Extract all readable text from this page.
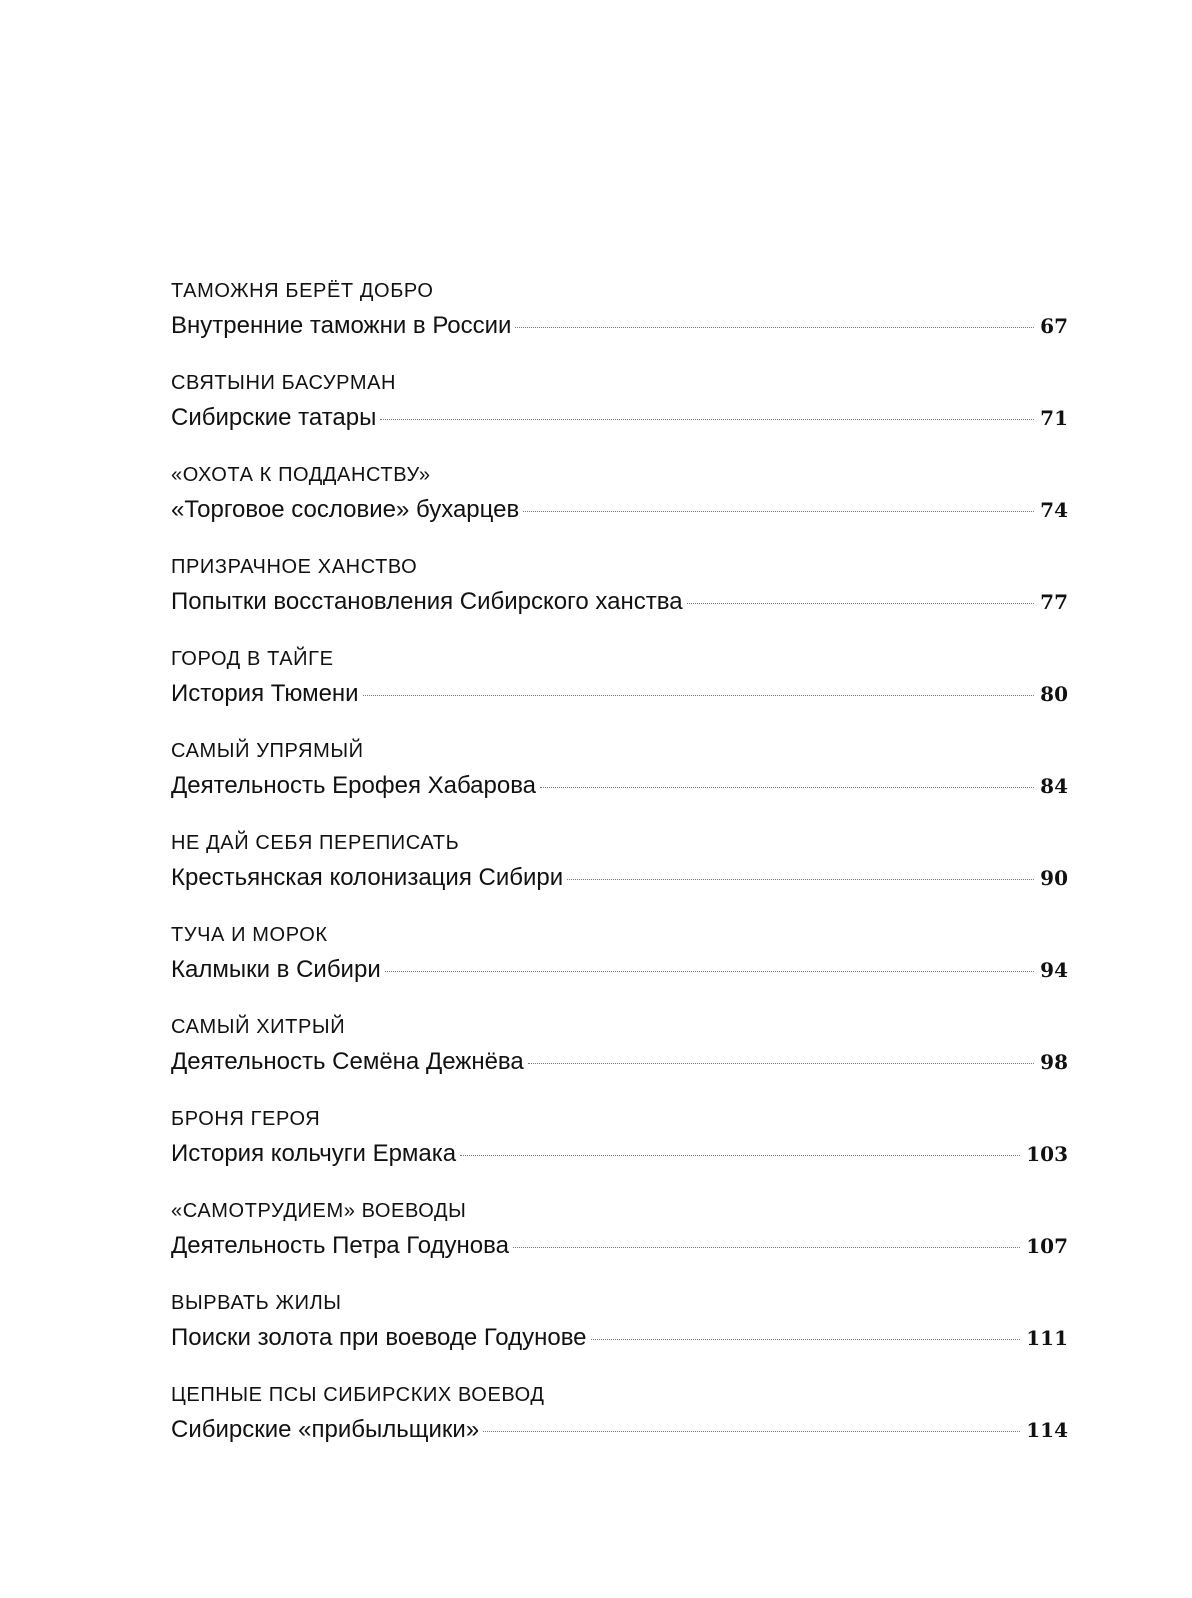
ТАМОЖНЯ БЕРЁТ ДОБРО
Внутренние таможни в России	67
СВЯТЫНИ БАСУРМАН
Сибирские татары	71
«ОХОТА К ПОДДАНСТВУ»
«Торговое сословие» бухарцев	74
ПРИЗРАЧНОЕ ХАНСТВО
Попытки восстановления Сибирского ханства	77
ГОРОД В ТАЙГЕ
История Тюмени	80
САМЫЙ УПРЯМЫЙ
Деятельность Ерофея Хабарова	84
НЕ ДАЙ СЕБЯ ПЕРЕПИСАТЬ
Крестьянская колонизация Сибири	90
ТУЧА И МОРОК
Калмыки в Сибири	94
САМЫЙ ХИТРЫЙ
Деятельность Семёна Дежнёва	98
БРОНЯ ГЕРОЯ
История кольчуги Ермака	103
«САМОТРУДИЕМ» ВОЕВОДЫ
Деятельность Петра Годунова	107
ВЫРВАТЬ ЖИЛЫ
Поиски золота при воеводе Годунове	111
ЦЕПНЫЕ ПСЫ СИБИРСКИХ ВОЕВОД
Сибирские «прибыльщики»	114
